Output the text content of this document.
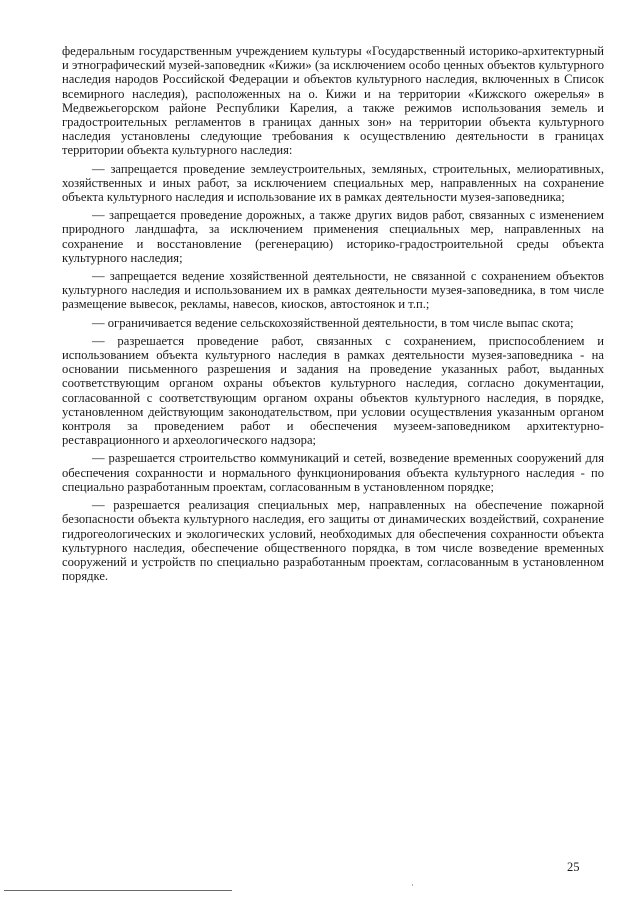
федеральным государственным учреждением культуры «Государственный историко-архитектурный и этнографический музей-заповедник «Кижи» (за исключением особо ценных объектов культурного наследия народов Российской Федерации и объектов культурного наследия, включенных в Список всемирного наследия), расположенных на о. Кижи и на территории «Кижского ожерелья» в Медвежьегорском районе Республики Карелия, а также режимов использования земель и градостроительных регламентов в границах данных зон» на территории объекта культурного наследия установлены следующие требования к осуществлению деятельности в границах территории объекта культурного наследия:

— запрещается проведение землеустроительных, земляных, строительных, мелиоративных, хозяйственных и иных работ, за исключением специальных мер, направленных на сохранение объекта культурного наследия и использование их в рамках деятельности музея-заповедника;

— запрещается проведение дорожных, а также других видов работ, связанных с изменением природного ландшафта, за исключением применения специальных мер, направленных на сохранение и восстановление (регенерацию) историко-градостроительной среды объекта культурного наследия;

— запрещается ведение хозяйственной деятельности, не связанной с сохранением объектов культурного наследия и использованием их в рамках деятельности музея-заповедника, в том числе размещение вывесок, рекламы, навесов, киосков, автостоянок и т.п.;

— ограничивается ведение сельскохозяйственной деятельности, в том числе выпас скота;

— разрешается проведение работ, связанных с сохранением, приспособлением и использованием объекта культурного наследия в рамках деятельности музея-заповедника - на основании письменного разрешения и задания на проведение указанных работ, выданных соответствующим органом охраны объектов культурного наследия, согласно документации, согласованной с соответствующим органом охраны объектов культурного наследия, в порядке, установленном действующим законодательством, при условии осуществления указанным органом контроля за проведением работ и обеспечения музеем-заповедником архитектурно-реставрационного и археологического надзора;

— разрешается строительство коммуникаций и сетей, возведение временных сооружений для обеспечения сохранности и нормального функционирования объекта культурного наследия - по специально разработанным проектам, согласованным в установленном порядке;

— разрешается реализация специальных мер, направленных на обеспечение пожарной безопасности объекта культурного наследия, его защиты от динамических воздействий, сохранение гидрогеологических и экологических условий, необходимых для обеспечения сохранности объекта культурного наследия, обеспечение общественного порядка, в том числе возведение временных сооружений и устройств по специально разработанным проектам, согласованным в установленном порядке.

25
